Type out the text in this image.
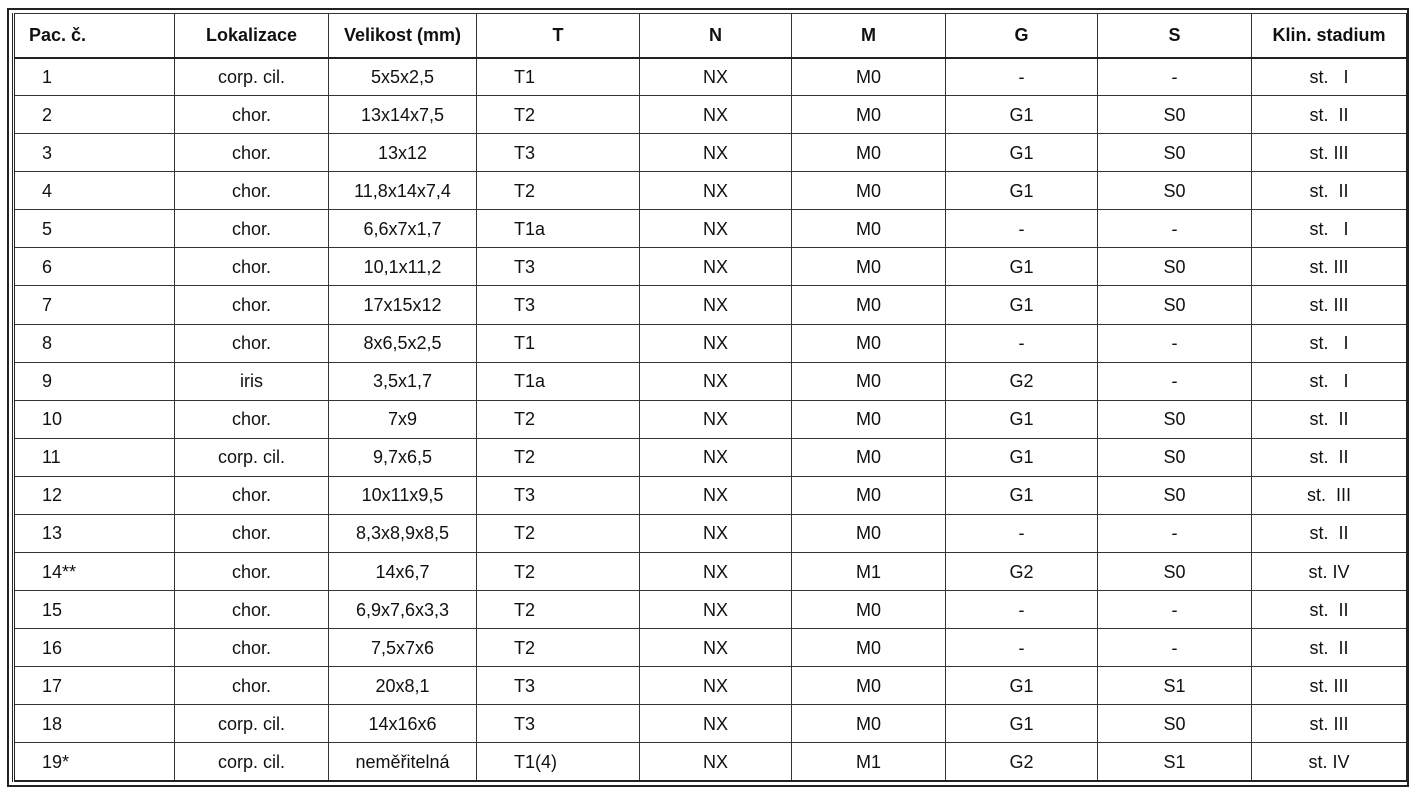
Pac. č.	Lokalizace	Velikost (mm)	T	N	M	G	S	Klin. stadium
1	corp. cil.	5x5x2,5	T1	NX	M0	-	-	st.   I
2	chor.	13x14x7,5	T2	NX	M0	G1	S0	st.  II
3	chor.	13x12	T3	NX	M0	G1	S0	st. III
4	chor.	11,8x14x7,4	T2	NX	M0	G1	S0	st.  II
5	chor.	6,6x7x1,7	T1a	NX	M0	-	-	st.   I
6	chor.	10,1x11,2	T3	NX	M0	G1	S0	st. III
7	chor.	17x15x12	T3	NX	M0	G1	S0	st. III
8	chor.	8x6,5x2,5	T1	NX	M0	-	-	st.   I
9	iris	3,5x1,7	T1a	NX	M0	G2	-	st.   I
10	chor.	7x9	T2	NX	M0	G1	S0	st.  II
11	corp. cil.	9,7x6,5	T2	NX	M0	G1	S0	st.  II
12	chor.	10x11x9,5	T3	NX	M0	G1	S0	st.  III
13	chor.	8,3x8,9x8,5	T2	NX	M0	-	-	st.  II
14**	chor.	14x6,7	T2	NX	M1	G2	S0	st. IV
15	chor.	6,9x7,6x3,3	T2	NX	M0	-	-	st.  II
16	chor.	7,5x7x6	T2	NX	M0	-	-	st.  II
17	chor.	20x8,1	T3	NX	M0	G1	S1	st. III
18	corp. cil.	14x16x6	T3	NX	M0	G1	S0	st. III
19*	corp. cil.	neměřitelná	T1(4)	NX	M1	G2	S1	st. IV
